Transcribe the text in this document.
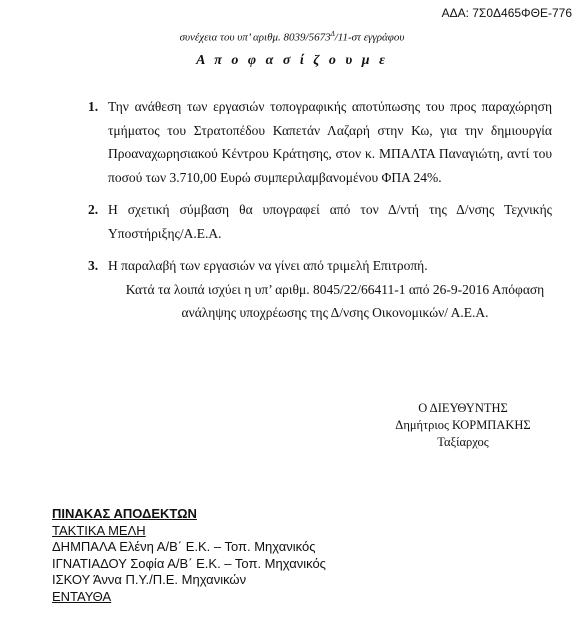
ΑΔΑ: 7Σ0Δ465ΦΘΕ-776
συνέχεια του υπ’ αριθμ. $8039/5673^\Delta/11-\sigma\tau$ εγγράφου
Α π ο φ α σ ί ζ ο υ μ ε
1. Την ανάθεση των εργασιών τοπογραφικής αποτύπωσης του προς παραχώρηση τμήματος του Στρατοπέδου Καπετάν Λαζαρή στην Κω, για την δημιουργία Προαναχωρησιακού Κέντρου Κράτησης, στον κ. ΜΠΑΛΤΑ Παναγιώτη, αντί του ποσού των 3.710,00 Ευρώ συμπεριλαμβανομένου ΦΠΑ 24%.
2. Η σχετική σύμβαση θα υπογραφεί από τον Δ/ντή της Δ/νσης Τεχνικής Υποστήριξης/Α.Ε.Α.
3. Η παραλαβή των εργασιών να γίνει από τριμελή Επιτροπή.
Κατά τα λοιπά ισχύει η υπ’ αριθμ. 8045/22/66411-1 από 26-9-2016 Απόφαση ανάληψης υποχρέωσης της Δ/νσης Οικονομικών/ Α.Ε.Α.
Ο ΔΙΕΥΘΥΝΤΗΣ
Δημήτριος ΚΟΡΜΠΑΚΗΣ
Ταξίαρχος
ΠΙΝΑΚΑΣ ΑΠΟΔΕΚΤΩΝ
ΤΑΚΤΙΚΑ ΜΕΛΗ
ΔΗΜΠΑΛΑ Ελένη Α/Β΄ Ε.Κ. – Τοπ. Μηχανικός
ΙΓΝΑΤΙΑΔΟΥ Σοφία Α/Β΄ Ε.Κ. – Τοπ. Μηχανικός
ΙΣΚΟΥ Άννα Π.Υ./Π.Ε. Μηχανικών
ΕΝΤΑΥΘΑ
